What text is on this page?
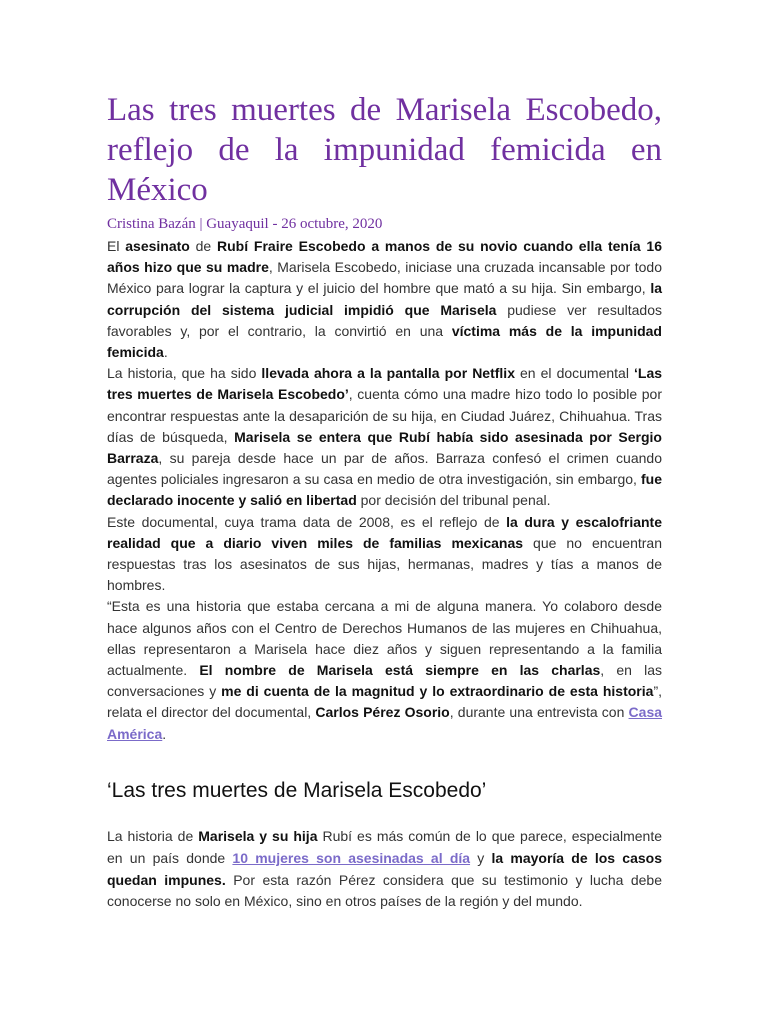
Las tres muertes de Marisela Escobedo, reflejo de la impunidad femicida en México

Cristina Bazán | Guayaquil - 26 octubre, 2020

El asesinato de Rubí Fraire Escobedo a manos de su novio cuando ella tenía 16 años hizo que su madre, Marisela Escobedo, iniciase una cruzada incansable por todo México para lograr la captura y el juicio del hombre que mató a su hija. Sin embargo, la corrupción del sistema judicial impidió que Marisela pudiese ver resultados favorables y, por el contrario, la convirtió en una víctima más de la impunidad femicida.

La historia, que ha sido llevada ahora a la pantalla por Netflix en el documental ‘Las tres muertes de Marisela Escobedo’, cuenta cómo una madre hizo todo lo posible por encontrar respuestas ante la desaparición de su hija, en Ciudad Juárez, Chihuahua. Tras días de búsqueda, Marisela se entera que Rubí había sido asesinada por Sergio Barraza, su pareja desde hace un par de años. Barraza confesó el crimen cuando agentes policiales ingresaron a su casa en medio de otra investigación, sin embargo, fue declarado inocente y salió en libertad por decisión del tribunal penal.

Este documental, cuya trama data de 2008, es el reflejo de la dura y escalofriante realidad que a diario viven miles de familias mexicanas que no encuentran respuestas tras los asesinatos de sus hijas, hermanas, madres y tías a manos de hombres.

“Esta es una historia que estaba cercana a mi de alguna manera. Yo colaboro desde hace algunos años con el Centro de Derechos Humanos de las mujeres en Chihuahua, ellas representaron a Marisela hace diez años y siguen representando a la familia actualmente. El nombre de Marisela está siempre en las charlas, en las conversaciones y me di cuenta de la magnitud y lo extraordinario de esta historia”, relata el director del documental, Carlos Pérez Osorio, durante una entrevista con Casa América.

‘Las tres muertes de Marisela Escobedo’

La historia de Marisela y su hija Rubí es más común de lo que parece, especialmente en un país donde 10 mujeres son asesinadas al día y la mayoría de los casos quedan impunes. Por esta razón Pérez considera que su testimonio y lucha debe conocerse no solo en México, sino en otros países de la región y del mundo.
